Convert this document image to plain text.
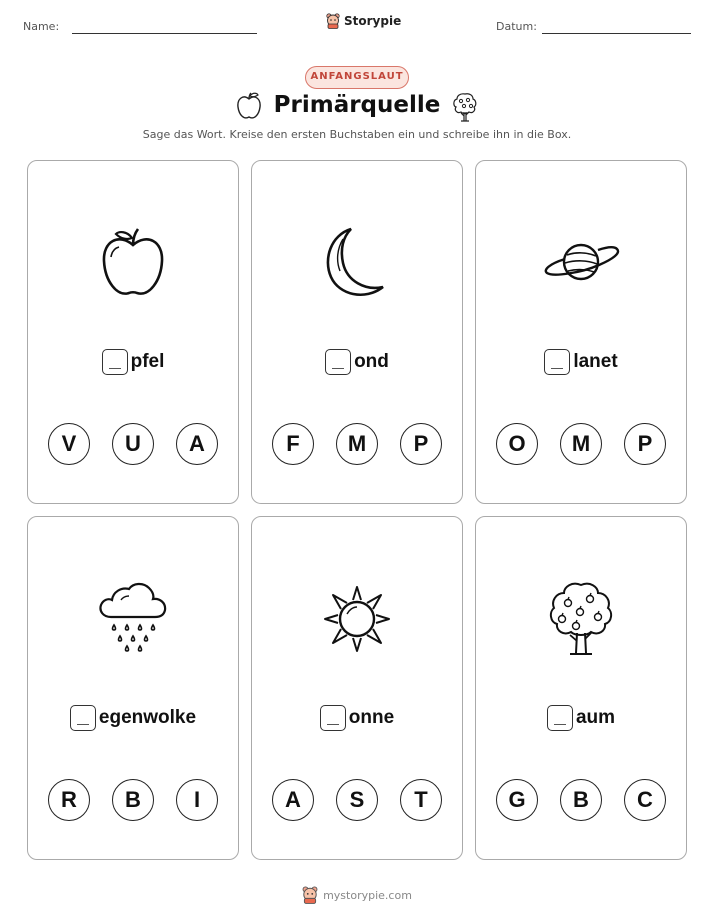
Name:	Storypie	Datum:
ANFANGSLAUT
Primärquelle
Sage das Wort. Kreise den ersten Buchstaben ein und schreibe ihn in die Box.
pfel
V	U	A
ond
F	M	P
lanet
O	M	P
egenwolke
R	B	I
onne
A	S	T
aum
G	B	C
mystorypie.com
